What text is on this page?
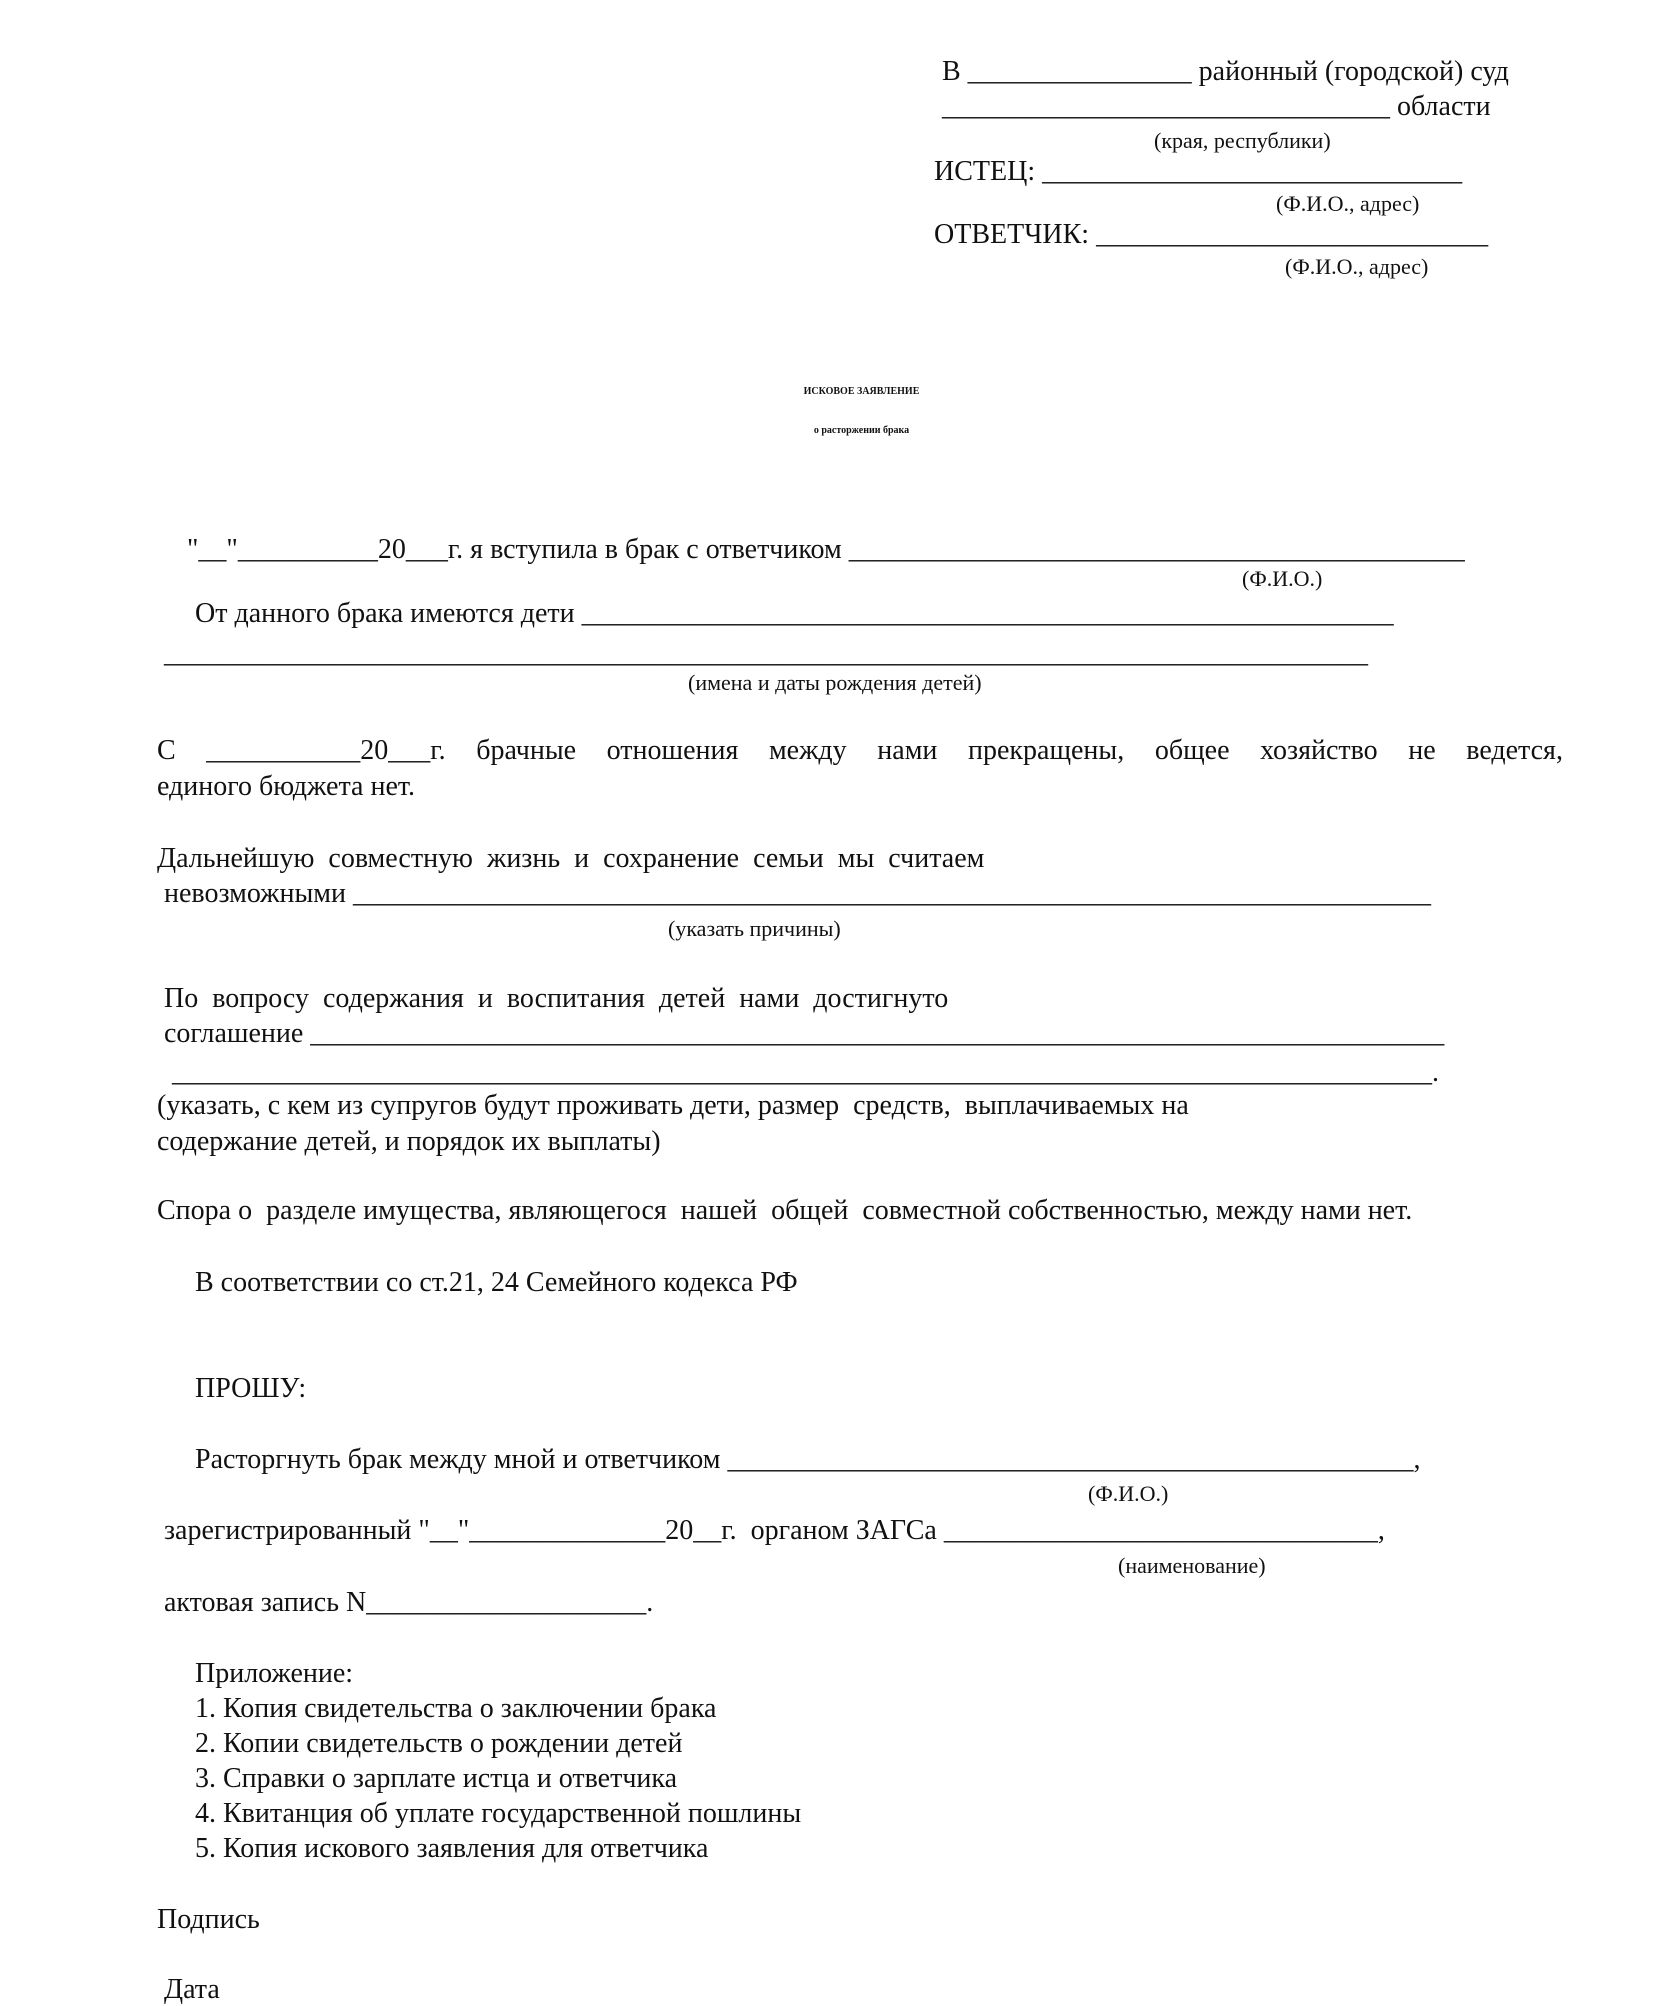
В ________________ районный (городской) суд
________________________________ области
(края, республики)
ИСТЕЦ: ______________________________
(Ф.И.О., адрес)
ОТВЕТЧИК: ____________________________
(Ф.И.О., адрес)
ИСКОВОЕ ЗАЯВЛЕНИЕ
о расторжении брака
"__"__________20___г. я вступила в брак с ответчиком ____________________________________________
(Ф.И.О.)
От данного брака имеются дети __________________________________________________________
______________________________________________________________________________________
(имена и даты рождения детей)
С ___________20___г. брачные отношения между нами прекращены, общее хозяйство не ведется,
единого бюджета нет.
Дальнейшую  совместную  жизнь  и  сохранение  семьи  мы  считаем
невозможными _____________________________________________________________________________
(указать причины)
По  вопросу  содержания  и  воспитания  детей  нами  достигнуто
соглашение _________________________________________________________________________________
__________________________________________________________________________________________.
(указать, с кем из супругов будут проживать дети, размер  средств,  выплачиваемых на
содержание детей, и порядок их выплаты)
Спора о  разделе имущества, являющегося  нашей  общей  совместной собственностью, между нами нет.
В соответствии со ст.21, 24 Семейного кодекса РФ
ПРОШУ:
Расторгнуть брак между мной и ответчиком _________________________________________________,
(Ф.И.О.)
зарегистрированный "__"______________20__г.  органом ЗАГСа _______________________________,
(наименование)
актовая запись N____________________.
Приложение:
1. Копия свидетельства о заключении брака
2. Копии свидетельств о рождении детей
3. Справки о зарплате истца и ответчика
4. Квитанция об уплате государственной пошлины
5. Копия искового заявления для ответчика
Подпись
Дата
